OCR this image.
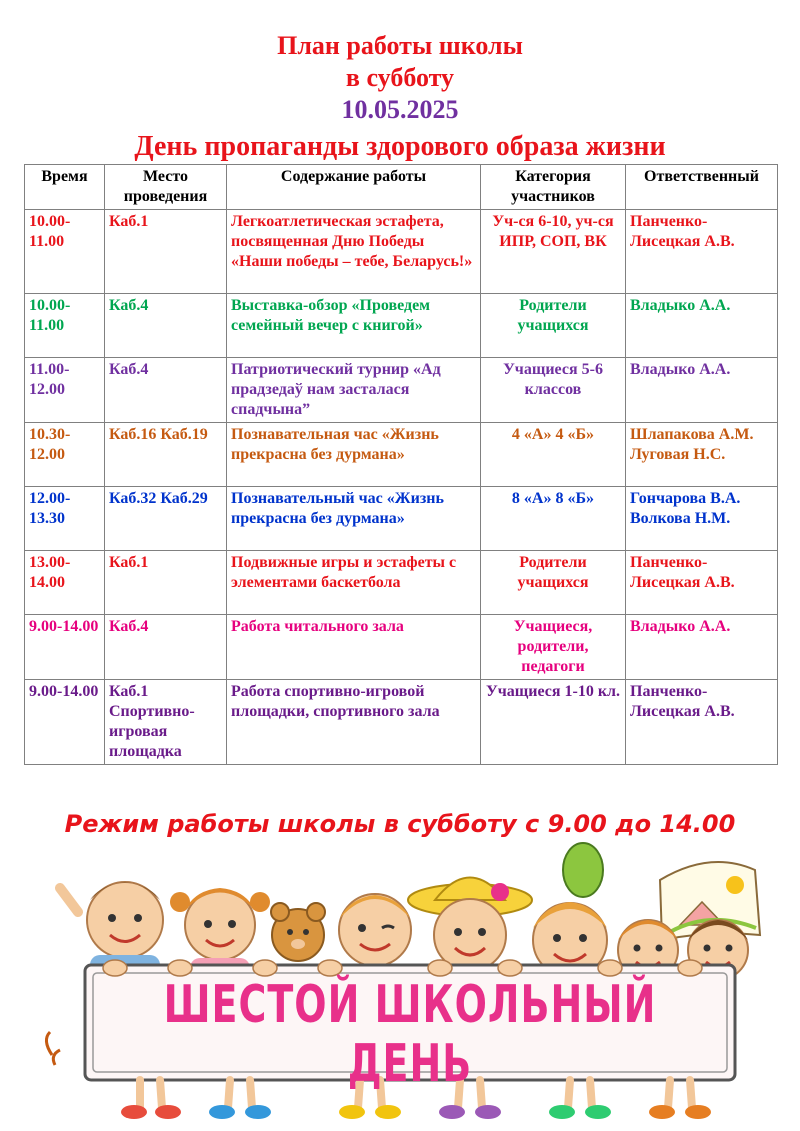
План работы школы
в субботу
10.05.2025
День пропаганды здорового образа жизни
Время	Место проведения	Содержание работы	Категория участников	Ответственный
10.00-11.00	Каб.1	Легкоатлетическая эстафета, посвященная Дню Победы «Наши победы – тебе, Беларусь!»	Уч-ся 6-10, уч-ся ИПР, СОП, ВК	Панченко-Лисецкая А.В.
10.00-11.00	Каб.4	Выставка-обзор «Проведем семейный вечер с книгой»	Родители учащихся	Владыко А.А.
11.00-12.00	Каб.4	Патриотический турнир «Ад прадзедаў нам засталася спадчына”	Учащиеся 5-6 классов	Владыко А.А.
10.30-12.00	Каб.16 Каб.19	Познавательная час «Жизнь прекрасна без дурмана»	4 «А» 4 «Б»	Шлапакова А.М. Луговая Н.С.
12.00-13.30	Каб.32 Каб.29	Познавательный час «Жизнь прекрасна без дурмана»	8 «А» 8 «Б»	Гончарова В.А. Волкова Н.М.
13.00-14.00	Каб.1	Подвижные игры и эстафеты с элементами баскетбола	Родители учащихся	Панченко-Лисецкая А.В.
9.00-14.00	Каб.4	Работа читального зала	Учащиеся, родители, педагоги	Владыко А.А.
9.00-14.00	Каб.1 Спортивно-игровая площадка	Работа спортивно-игровой площадки, спортивного зала	Учащиеся 1-10 кл.	Панченко-Лисецкая А.В.
Режим работы школы в субботу с 9.00 до 14.00
ШЕСТОЙ ШКОЛЬНЫЙ ДЕНЬ
